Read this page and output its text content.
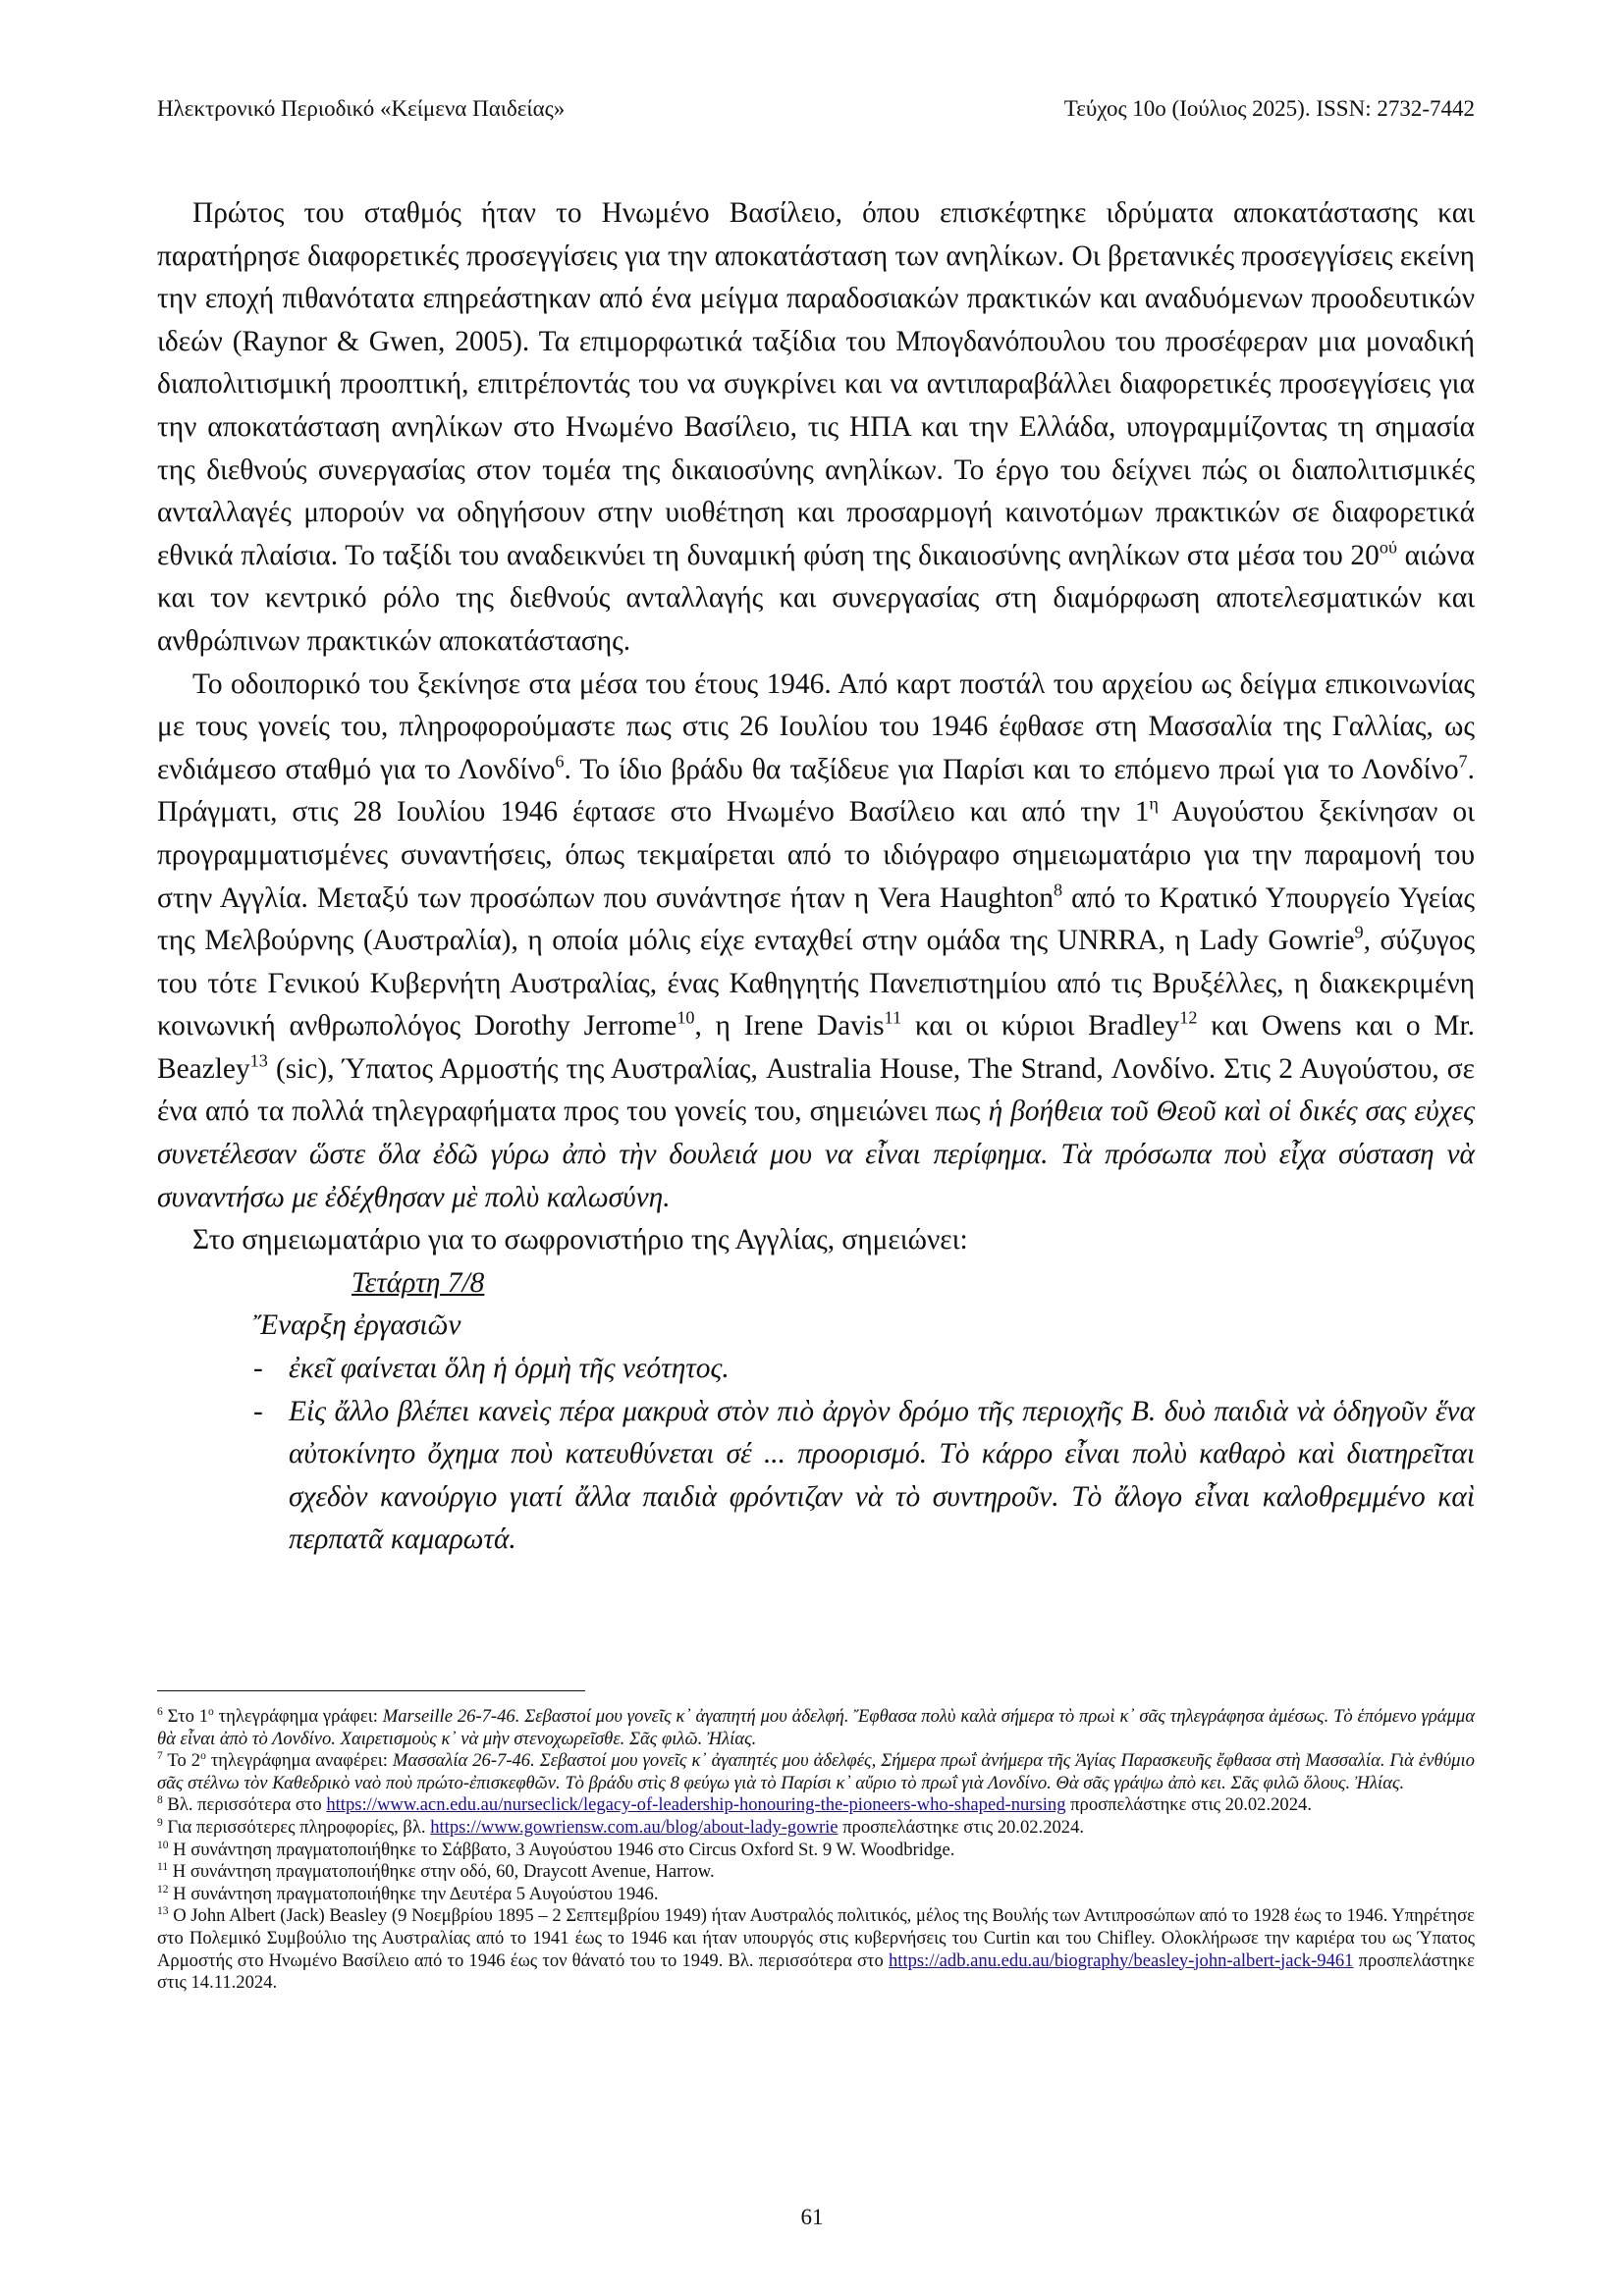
Ηλεκτρονικό Περιοδικό «Κείμενα Παιδείας»	Τεύχος 10ο (Ιούλιος 2025). ISSN: 2732-7442

Πρώτος του σταθμός ήταν το Ηνωμένο Βασίλειο, όπου επισκέφτηκε ιδρύματα αποκατάστασης και παρατήρησε διαφορετικές προσεγγίσεις για την αποκατάσταση των ανηλίκων. Οι βρετανικές προσεγγίσεις εκείνη την εποχή πιθανότατα επηρεάστηκαν από ένα μείγμα παραδοσιακών πρακτικών και αναδυόμενων προοδευτικών ιδεών (Raynor & Gwen, 2005). Τα επιμορφωτικά ταξίδια του Μπογδανόπουλου του προσέφεραν μια μοναδική διαπολιτισμική προοπτική, επιτρέποντάς του να συγκρίνει και να αντιπαραβάλλει διαφορετικές προσεγγίσεις για την αποκατάσταση ανηλίκων στο Ηνωμένο Βασίλειο, τις ΗΠΑ και την Ελλάδα, υπογραμμίζοντας τη σημασία της διεθνούς συνεργασίας στον τομέα της δικαιοσύνης ανηλίκων. Το έργο του δείχνει πώς οι διαπολιτισμικές ανταλλαγές μπορούν να οδηγήσουν στην υιοθέτηση και προσαρμογή καινοτόμων πρακτικών σε διαφορετικά εθνικά πλαίσια. Το ταξίδι του αναδεικνύει τη δυναμική φύση της δικαιοσύνης ανηλίκων στα μέσα του $20^{oύ}$ αιώνα και τον κεντρικό ρόλο της διεθνούς ανταλλαγής και συνεργασίας στη διαμόρφωση αποτελεσματικών και ανθρώπινων πρακτικών αποκατάστασης.

Το οδοιπορικό του ξεκίνησε στα μέσα του έτους 1946. Από καρτ ποστάλ του αρχείου ως δείγμα επικοινωνίας με τους γονείς του, πληροφορούμαστε πως στις 26 Ιουλίου του 1946 έφθασε στη Μασσαλία της Γαλλίας, ως ενδιάμεσο σταθμό για το Λονδίνο$^6$. Το ίδιο βράδυ θα ταξίδευε για Παρίσι και το επόμενο πρωί για το Λονδίνο$^7$. Πράγματι, στις 28 Ιουλίου 1946 έφτασε στο Ηνωμένο Βασίλειο και από την $1^\eta$ Αυγούστου ξεκίνησαν οι προγραμματισμένες συναντήσεις, όπως τεκμαίρεται από το ιδιόγραφο σημειωματάριο για την παραμονή του στην Αγγλία. Μεταξύ των προσώπων που συνάντησε ήταν η Vera Haughton$^8$ από το Κρατικό Υπουργείο Υγείας της Μελβούρνης (Αυστραλία), η οποία μόλις είχε ενταχθεί στην ομάδα της UNRRA, η Lady Gowrie$^9$, σύζυγος του τότε Γενικού Κυβερνήτη Αυστραλίας, ένας Καθηγητής Πανεπιστημίου από τις Βρυξέλλες, η διακεκριμένη κοινωνική ανθρωπολόγος Dorothy Jerrome$^{10}$, η Irene Davis$^{11}$ και οι κύριοι Bradley$^{12}$ και Owens και ο Mr. Beazley$^{13}$ (sic), Ύπατος Αρμοστής της Αυστραλίας, Australia House, The Strand, Λονδίνο. Στις 2 Αυγούστου, σε ένα από τα πολλά τηλεγραφήματα προς του γονείς του, σημειώνει πως ἡ βοήθεια τοῦ Θεοῦ καὶ οἱ δικές σας εὐχες συνετέλεσαν ὥστε ὅλα ἐδῶ γύρω ἀπὸ τὴν δουλειά μου να εἶναι περίφημα. Τὰ πρόσωπα ποὺ εἶχα σύσταση νὰ συναντήσω με ἐδέχθησαν μὲ πολὺ καλωσύνη.

Στο σημειωματάριο για το σωφρονιστήριο της Αγγλίας, σημειώνει:

Τετάρτη 7/8
Ἔναρξη ἐργασιῶν
- ἐκεῖ φαίνεται ὅλη ἡ ὁρμὴ τῆς νεότητος.
- Εἰς ἄλλο βλέπει κανεὶς πέρα μακρυὰ στὸν πιὸ ἀργὸν δρόμο τῆς περιοχῆς Β. δυὸ παιδιὰ νὰ ὁδηγοῦν ἕνα αὐτοκίνητο ὄχημα ποὺ κατευθύνεται σέ ... προορισμό. Τὸ κάρρο εἶναι πολὺ καθαρὸ καὶ διατηρεῖται σχεδὸν κανούργιο γιατί ἄλλα παιδιὰ φρόντιζαν νὰ τὸ συντηροῦν. Τὸ ἄλογο εἶναι καλοθρεμμένο καὶ περπατᾶ καμαρωτά.

$^6$ Στο $1^o$ τηλεγράφημα γράφει: Marseille 26-7-46. Σεβαστοί μου γονεῖς κ᾽ ἀγαπητή μου ἀδελφή. Ἔφθασα πολὺ καλὰ σήμερα τὸ πρωὶ κ᾽ σᾶς τηλεγράφησα ἀμέσως. Τὸ ἑπόμενο γράμμα θὰ εἶναι ἀπὸ τὸ Λονδίνο. Χαιρετισμοὺς κ᾽ νὰ μὴν στενοχωρεῖσθε. Σᾶς φιλῶ. Ἠλίας.

$^7$ Το $2^o$ τηλεγράφημα αναφέρει: Μασσαλία 26-7-46. Σεβαστοί μου γονεῖς κ᾽ ἀγαπητές μου ἀδελφές, Σήμερα πρωΐ ἀνήμερα τῆς Ἁγίας Παρασκευῆς ἔφθασα στὴ Μασσαλία. Γιὰ ἐνθύμιο σᾶς στέλνω τὸν Καθεδρικὸ ναὸ ποὺ πρώτο-ἐπισκεφθῶν. Τὸ βράδυ στὶς 8 φεύγω γιὰ τὸ Παρίσι κ᾽ αὔριο τὸ πρωΐ γιὰ Λονδίνο. Θὰ σᾶς γράψω ἀπὸ κει. Σᾶς φιλῶ ὅλους. Ἠλίας.

$^8$ Βλ. περισσότερα στο https://www.acn.edu.au/nurseclick/legacy-of-leadership-honouring-the-pioneers-who-shaped-nursing προσπελάστηκε στις 20.02.2024.

$^9$ Για περισσότερες πληροφορίες, βλ. https://www.gowriensw.com.au/blog/about-lady-gowrie προσπελάστηκε στις 20.02.2024.

$^{10}$ Η συνάντηση πραγματοποιήθηκε το Σάββατο, 3 Αυγούστου 1946 στο Circus Oxford St. 9 W. Woodbridge.

$^{11}$ Η συνάντηση πραγματοποιήθηκε στην οδό, 60, Draycott Avenue, Harrow.

$^{12}$ Η συνάντηση πραγματοποιήθηκε την Δευτέρα 5 Αυγούστου 1946.

$^{13}$ O John Albert (Jack) Beasley (9 Νοεμβρίου 1895 – 2 Σεπτεμβρίου 1949) ήταν Αυστραλός πολιτικός, μέλος της Βουλής των Αντιπροσώπων από το 1928 έως το 1946. Υπηρέτησε στο Πολεμικό Συμβούλιο της Αυστραλίας από το 1941 έως το 1946 και ήταν υπουργός στις κυβερνήσεις του Curtin και του Chifley. Ολοκλήρωσε την καριέρα του ως Ύπατος Αρμοστής στο Ηνωμένο Βασίλειο από το 1946 έως τον θάνατό του το 1949. Βλ. περισσότερα στο https://adb.anu.edu.au/biography/beasley-john-albert-jack-9461 προσπελάστηκε στις 14.11.2024.

61
